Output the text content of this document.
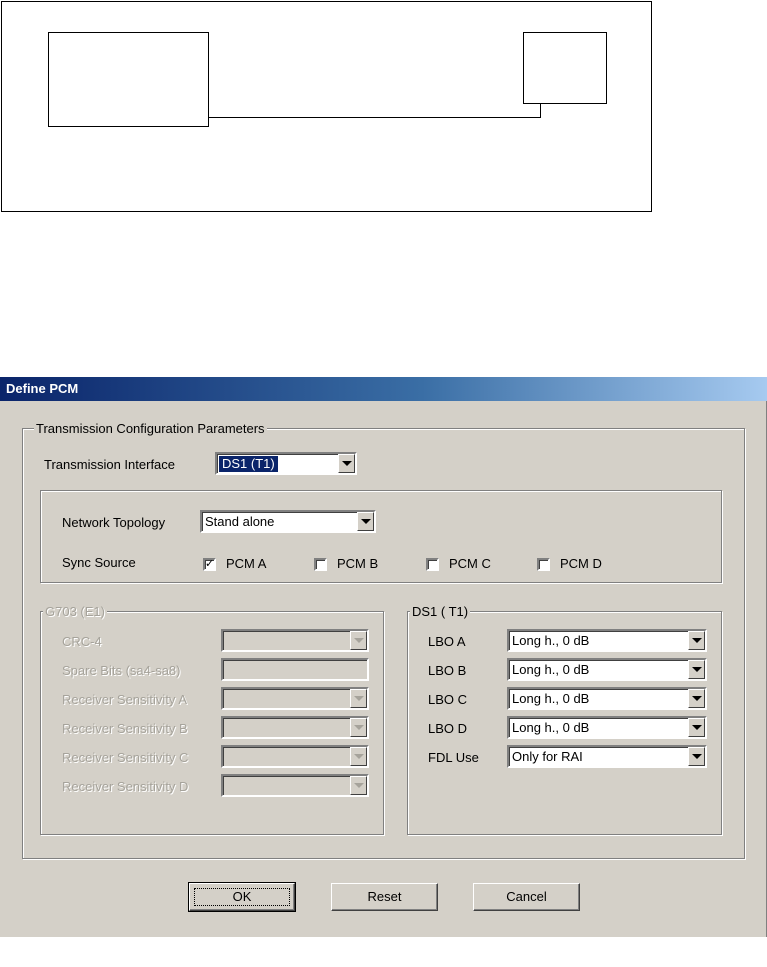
Define PCM
Transmission Configuration Parameters
Transmission Interface	DS1 (T1)
Network Topology	Stand alone
Sync Source	✓ PCM A	PCM B	PCM C	PCM D
G703 (E1)
CRC-4
Spare Bits (sa4-sa8)
Receiver Sensitivity A
Receiver Sensitivity B
Receiver Sensitivity C
Receiver Sensitivity D
DS1 ( T1)
LBO A	Long h., 0 dB
LBO B	Long h., 0 dB
LBO C	Long h., 0 dB
LBO D	Long h., 0 dB
FDL Use	Only for RAI
OK	Reset	Cancel
